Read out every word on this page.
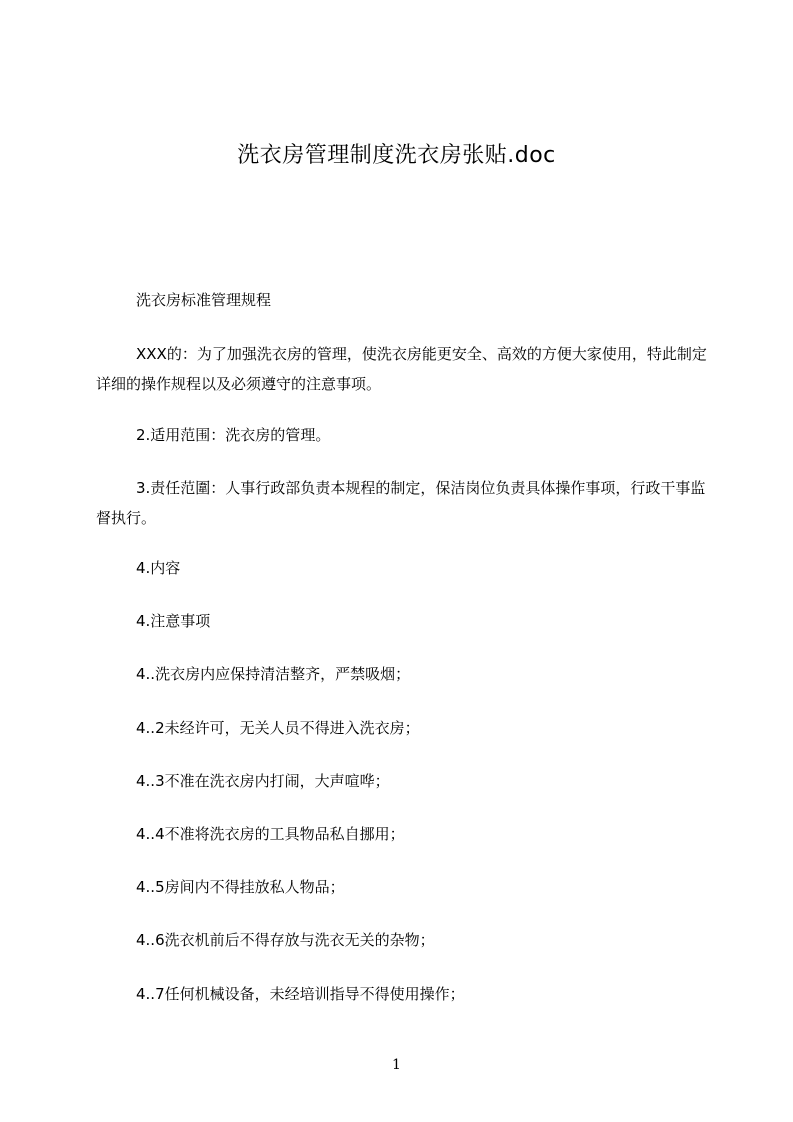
洗衣房管理制度洗衣房张贴.doc

洗衣房标准管理规程

XXX的：为了加强洗衣房的管理，使洗衣房能更安全、高效的方便大家使用，特此制定详细的操作规程以及必须遵守的注意事项。

2.适用范围：洗衣房的管理。

3.责任范圍：人事行政部负责本规程的制定，保洁岗位负责具体操作事项，行政干事监督执行。

4.内容

4.注意事项

4..洗衣房内应保持清洁整齐，严禁吸烟；

4..2未经许可，无关人员不得进入洗衣房；

4..3不准在洗衣房内打闹，大声喧哗；

4..4不准将洗衣房的工具物品私自挪用；

4..5房间内不得挂放私人物品；

4..6洗衣机前后不得存放与洗衣无关的杂物；

4..7任何机械设备，未经培训指导不得使用操作；

1
